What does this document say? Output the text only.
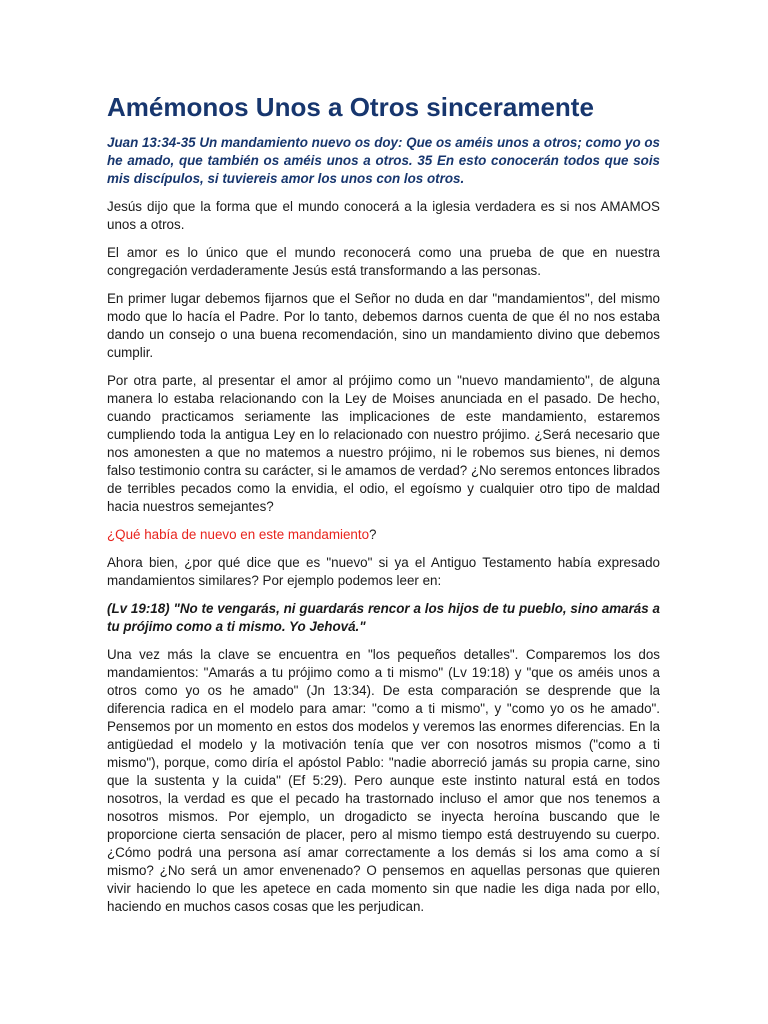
Amémonos Unos a Otros sinceramente

Juan 13:34-35 Un mandamiento nuevo os doy: Que os améis unos a otros; como yo os he amado, que también os améis unos a otros. 35 En esto conocerán todos que sois mis discípulos, si tuviereis amor los unos con los otros.

Jesús dijo que la forma que el mundo conocerá a la iglesia verdadera es si nos AMAMOS unos a otros.

El amor es lo único que el mundo reconocerá como una prueba de que en nuestra congregación verdaderamente Jesús está transformando a las personas.

En primer lugar debemos fijarnos que el Señor no duda en dar "mandamientos", del mismo modo que lo hacía el Padre. Por lo tanto, debemos darnos cuenta de que él no nos estaba dando un consejo o una buena recomendación, sino un mandamiento divino que debemos cumplir.

Por otra parte, al presentar el amor al prójimo como un "nuevo mandamiento", de alguna manera lo estaba relacionando con la Ley de Moises anunciada en el pasado. De hecho, cuando practicamos seriamente las implicaciones de este mandamiento, estaremos cumpliendo toda la antigua Ley en lo relacionado con nuestro prójimo. ¿Será necesario que nos amonesten a que no matemos a nuestro prójimo, ni le robemos sus bienes, ni demos falso testimonio contra su carácter, si le amamos de verdad? ¿No seremos entonces librados de terribles pecados como la envidia, el odio, el egoísmo y cualquier otro tipo de maldad hacia nuestros semejantes?

¿Qué había de nuevo en este mandamiento?

Ahora bien, ¿por qué dice que es "nuevo" si ya el Antiguo Testamento había expresado mandamientos similares? Por ejemplo podemos leer en:

(Lv 19:18) "No te vengarás, ni guardarás rencor a los hijos de tu pueblo, sino amarás a tu prójimo como a ti mismo. Yo Jehová."

Una vez más la clave se encuentra en "los pequeños detalles". Comparemos los dos mandamientos: "Amarás a tu prójimo como a ti mismo" (Lv 19:18) y "que os améis unos a otros como yo os he amado" (Jn 13:34). De esta comparación se desprende que la diferencia radica en el modelo para amar: "como a ti mismo", y "como yo os he amado". Pensemos por un momento en estos dos modelos y veremos las enormes diferencias. En la antigüedad el modelo y la motivación tenía que ver con nosotros mismos ("como a ti mismo"), porque, como diría el apóstol Pablo: "nadie aborreció jamás su propia carne, sino que la sustenta y la cuida" (Ef 5:29). Pero aunque este instinto natural está en todos nosotros, la verdad es que el pecado ha trastornado incluso el amor que nos tenemos a nosotros mismos. Por ejemplo, un drogadicto se inyecta heroína buscando que le proporcione cierta sensación de placer, pero al mismo tiempo está destruyendo su cuerpo. ¿Cómo podrá una persona así amar correctamente a los demás si los ama como a sí mismo? ¿No será un amor envenenado? O pensemos en aquellas personas que quieren vivir haciendo lo que les apetece en cada momento sin que nadie les diga nada por ello, haciendo en muchos casos cosas que les perjudican.
